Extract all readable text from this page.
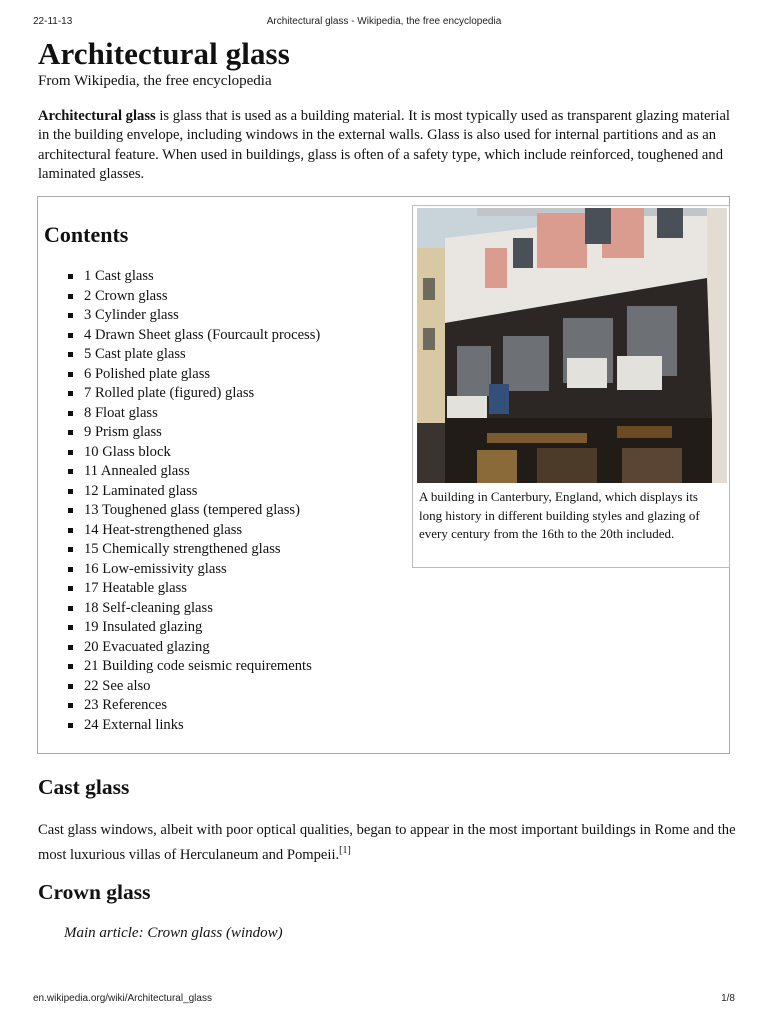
22-11-13	Architectural glass - Wikipedia, the free encyclopedia
Architectural glass
From Wikipedia, the free encyclopedia

Architectural glass is glass that is used as a building material. It is most typically used as transparent glazing material in the building envelope, including windows in the external walls. Glass is also used for internal partitions and as an architectural feature. When used in buildings, glass is often of a safety type, which include reinforced, toughened and laminated glasses.

Contents
1 Cast glass
2 Crown glass
3 Cylinder glass
4 Drawn Sheet glass (Fourcault process)
5 Cast plate glass
6 Polished plate glass
7 Rolled plate (figured) glass
8 Float glass
9 Prism glass
10 Glass block
11 Annealed glass
12 Laminated glass
13 Toughened glass (tempered glass)
14 Heat-strengthened glass
15 Chemically strengthened glass
16 Low-emissivity glass
17 Heatable glass
18 Self-cleaning glass
19 Insulated glazing
20 Evacuated glazing
21 Building code seismic requirements
22 See also
23 References
24 External links

A building in Canterbury, England, which displays its long history in different building styles and glazing of every century from the 16th to the 20th included.

Cast glass

Cast glass windows, albeit with poor optical qualities, began to appear in the most important buildings in Rome and the most luxurious villas of Herculaneum and Pompeii.[1]

Crown glass
Main article: Crown glass (window)
en.wikipedia.org/wiki/Architectural_glass	1/8
